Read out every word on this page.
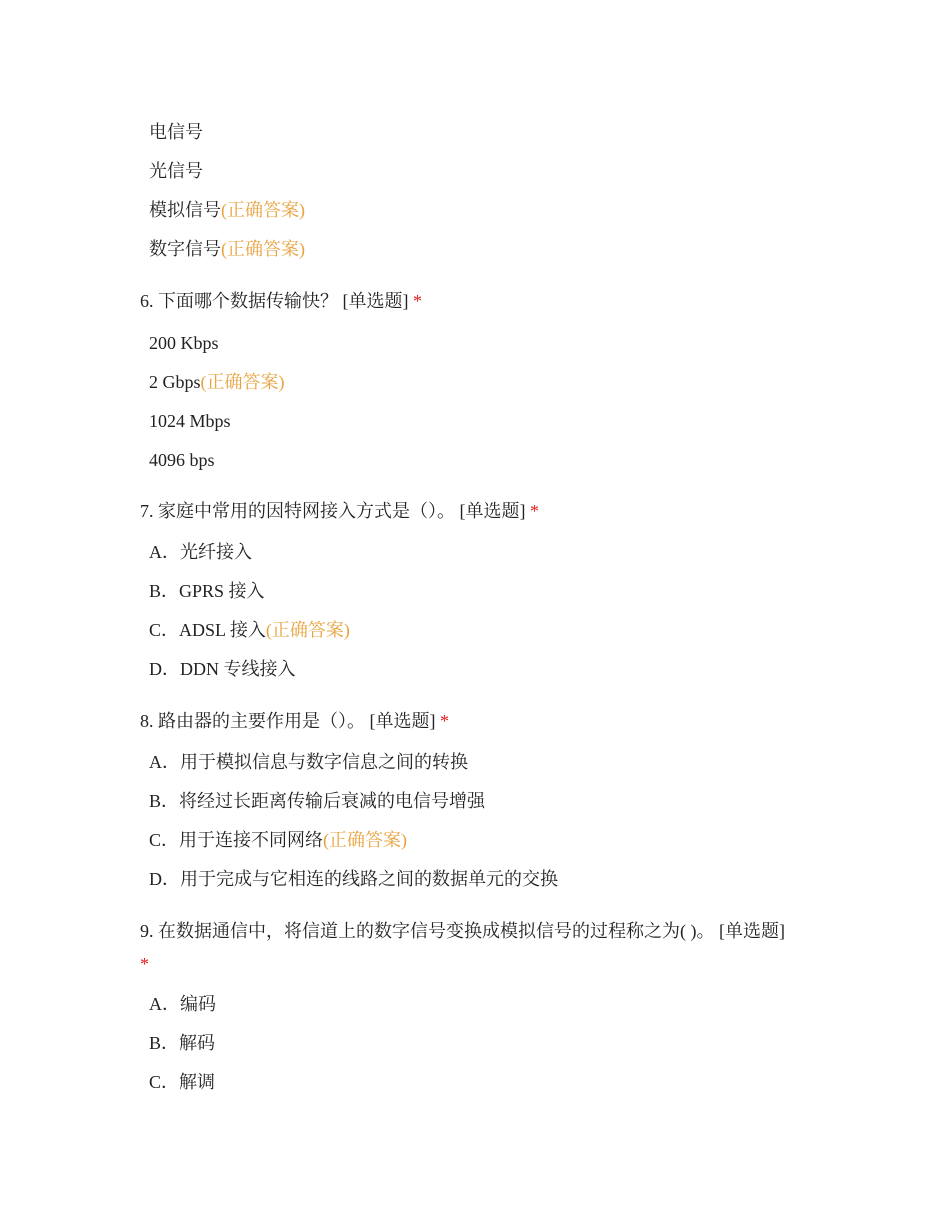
电信号
光信号
模拟信号(正确答案)
数字信号(正确答案)
6. 下面哪个数据传输快？ [单选题] *
200 Kbps
2 Gbps(正确答案)
1024 Mbps
4096 bps
7. 家庭中常用的因特网接入方式是（）。 [单选题] *
A．光纤接入
B．GPRS 接入
C．ADSL 接入(正确答案)
D．DDN 专线接入
8. 路由器的主要作用是（）。 [单选题] *
A．用于模拟信息与数字信息之间的转换
B．将经过长距离传输后衰减的电信号增强
C．用于连接不同网络(正确答案)
D．用于完成与它相连的线路之间的数据单元的交换
9. 在数据通信中，将信道上的数字信号变换成模拟信号的过程称之为( )。 [单选题]
*
A．编码
B．解码
C．解调
